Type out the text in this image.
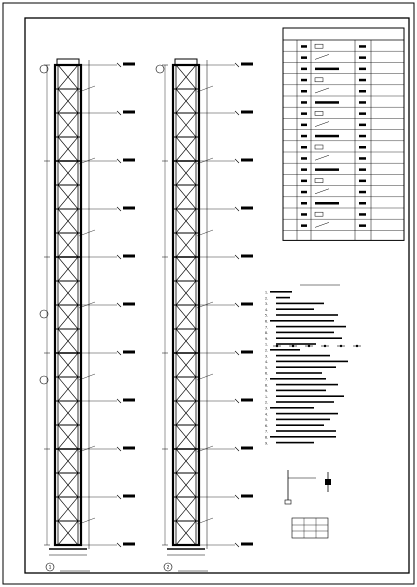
1	2
1.
2.
3.
4.
5.
6.
7.
8.
9.
1.
2.
3.
4.
5.
6.
7.
8.
9.
1.
2.
3.
4.
5.
6.
7.
8.
9.
